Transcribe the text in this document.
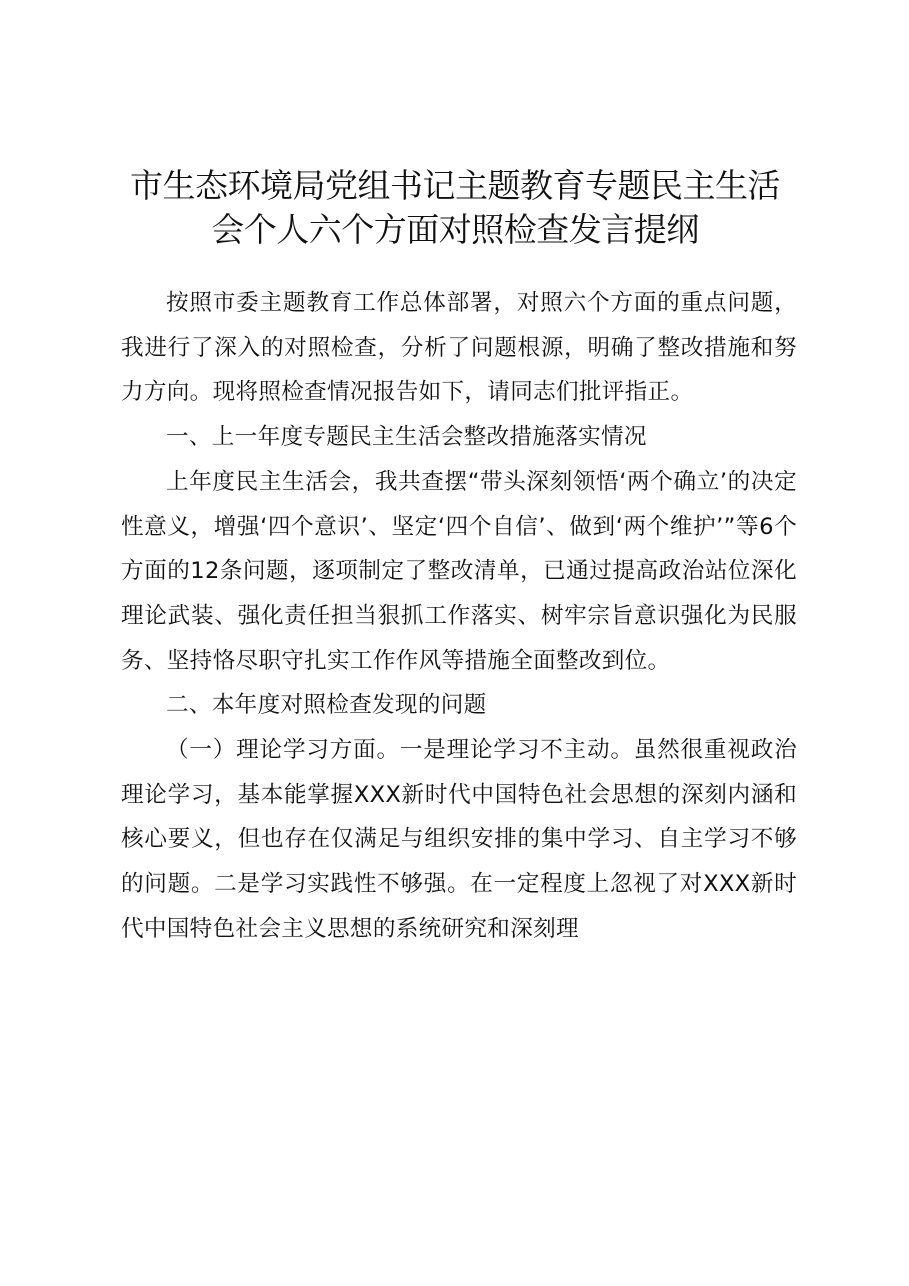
市生态环境局党组书记主题教育专题民主生活
会个人六个方面对照检查发言提纲

按照市委主题教育工作总体部署，对照六个方面的重点问题，我进行了深入的对照检查，分析了问题根源，明确了整改措施和努力方向。现将照检查情况报告如下，请同志们批评指正。

一、上一年度专题民主生活会整改措施落实情况

上年度民主生活会，我共查摆“带头深刻领悟‘两个确立’的决定性意义，增强‘四个意识’、坚定‘四个自信’、做到‘两个维护’”等6个方面的12条问题，逐项制定了整改清单，已通过提高政治站位深化理论武装、强化责任担当狠抓工作落实、树牢宗旨意识强化为民服务、坚持恪尽职守扎实工作作风等措施全面整改到位。

二、本年度对照检查发现的问题

（一）理论学习方面。一是理论学习不主动。虽然很重视政治理论学习，基本能掌握XXX新时代中国特色社会思想的深刻内涵和核心要义，但也存在仅满足与组织安排的集中学习、自主学习不够的问题。二是学习实践性不够强。在一定程度上忽视了对XXX新时代中国特色社会主义思想的系统研究和深刻理
